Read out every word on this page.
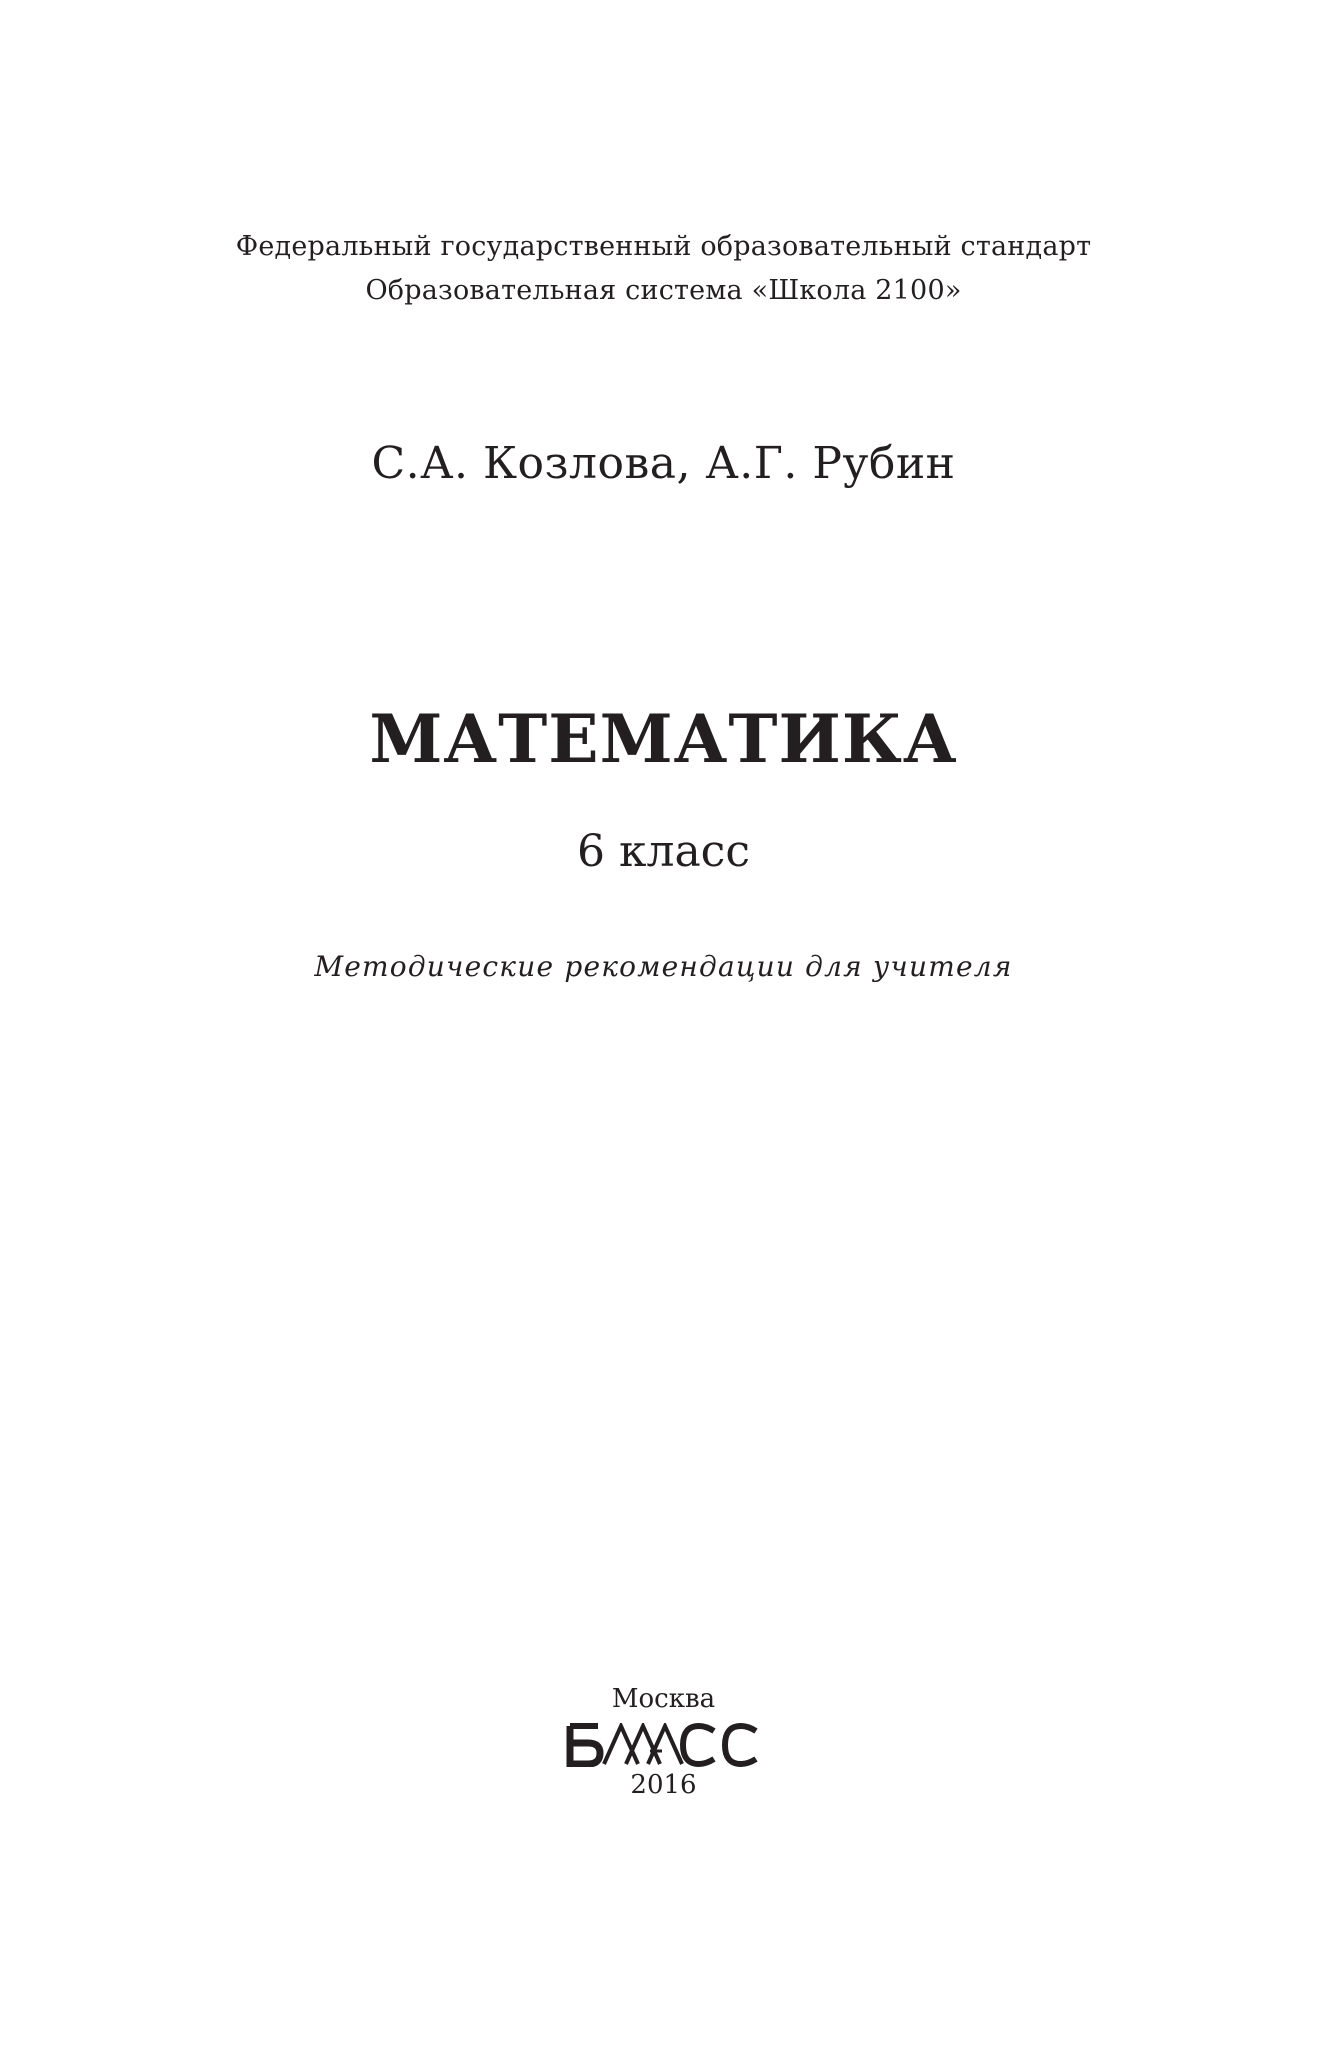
Федеральный государственный образовательный стандарт

Образовательная система «Школа 2100»

С.А. Козлова, А.Г. Рубин

МАТЕМАТИКА

6 класс

Методические рекомендации для учителя

Москва

2016
